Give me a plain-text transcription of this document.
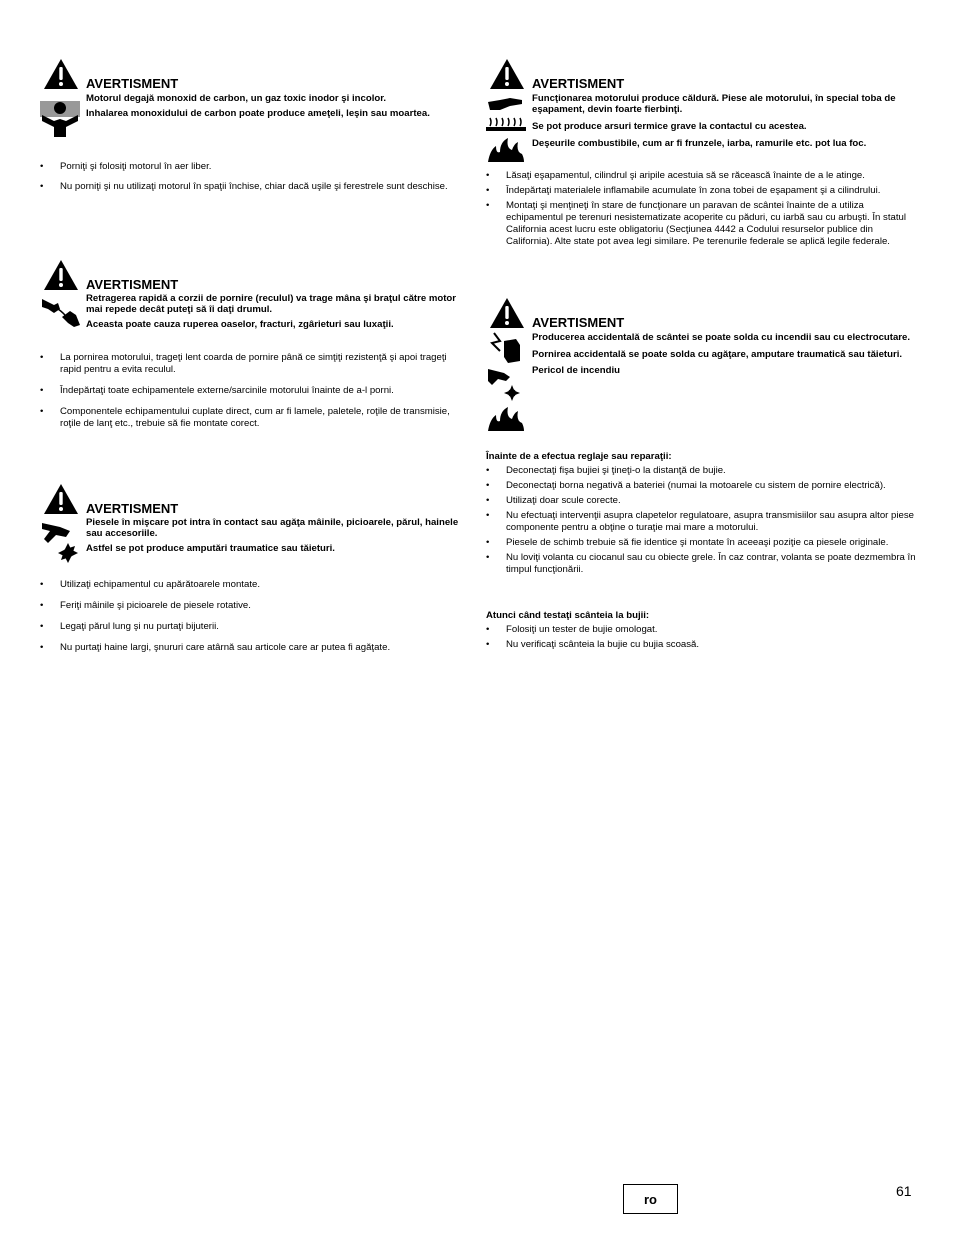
AVERTISMENT

Motorul degajă monoxid de carbon, un gaz toxic inodor şi incolor.

Inhalarea monoxidului de carbon poate produce ameţeli, leşin sau moartea.

• Porniţi şi folosiţi motorul în aer liber.
• Nu porniţi şi nu utilizaţi motorul în spaţii închise, chiar dacă uşile şi ferestrele sunt deschise.
AVERTISMENT

Retragerea rapidă a corzii de pornire (reculul) va trage mâna şi braţul către motor mai repede decât puteţi să îi daţi drumul.

Aceasta poate cauza ruperea oaselor, fracturi, zgârieturi sau luxaţii.

• La pornirea motorului, trageţi lent coarda de pornire până ce simţiţi rezistenţă şi apoi trageţi rapid pentru a evita reculul.
• Îndepărtaţi toate echipamentele externe/sarcinile motorului înainte de a-l porni.
• Componentele echipamentului cuplate direct, cum ar fi lamele, paletele, roţile de transmisie, roţile de lanţ etc., trebuie să fie montate corect.
AVERTISMENT

Piesele în mişcare pot intra în contact sau agăţa mâinile, picioarele, părul, hainele sau accesoriile.

Astfel se pot produce amputări traumatice sau tăieturi.

• Utilizaţi echipamentul cu apărătoarele montate.
• Feriţi mâinile şi picioarele de piesele rotative.
• Legaţi părul lung şi nu purtaţi bijuterii.
• Nu purtaţi haine largi, şnururi care atârnă sau articole care ar putea fi agăţate.
AVERTISMENT

Funcţionarea motorului produce căldură. Piese ale motorului, în special toba de eşapament, devin foarte fierbinţi.

Se pot produce arsuri termice grave la contactul cu acestea.

Deşeurile combustibile, cum ar fi frunzele, iarba, ramurile etc. pot lua foc.

• Lăsaţi eşapamentul, cilindrul şi aripile acestuia să se răcească înainte de a le atinge.
• Îndepărtaţi materialele inflamabile acumulate în zona tobei de eşapament şi a cilindrului.
• Montaţi şi menţineţi în stare de funcţionare un paravan de scântei înainte de a utiliza echipamentul pe terenuri nesistematizate acoperite cu păduri, cu iarbă sau cu arbuşti. În statul California acest lucru este obligatoriu (Secţiunea 4442 a Codului resurselor publice din California). Alte state pot avea legi similare. Pe terenurile federale se aplică legile federale.
AVERTISMENT

Producerea accidentală de scântei se poate solda cu incendii sau cu electrocutare.

Pornirea accidentală se poate solda cu agăţare, amputare traumatică sau tăieturi.

Pericol de incendiu

Înainte de a efectua reglaje sau reparaţii:
• Deconectaţi fişa bujiei şi ţineţi-o la distanţă de bujie.
• Deconectaţi borna negativă a bateriei (numai la motoarele cu sistem de pornire electrică).
• Utilizaţi doar scule corecte.
• Nu efectuaţi intervenţii asupra clapetelor regulatoare, asupra transmisiilor sau asupra altor piese componente pentru a obţine o turaţie mai mare a motorului.
• Piesele de schimb trebuie să fie identice şi montate în aceeaşi poziţie ca piesele originale.
• Nu loviţi volanta cu ciocanul sau cu obiecte grele. În caz contrar, volanta se poate dezmembra în timpul funcţionării.
Atunci când testaţi scânteia la bujii:
• Folosiţi un tester de bujie omologat.
• Nu verificaţi scânteia la bujie cu bujia scoasă.
ro	61
